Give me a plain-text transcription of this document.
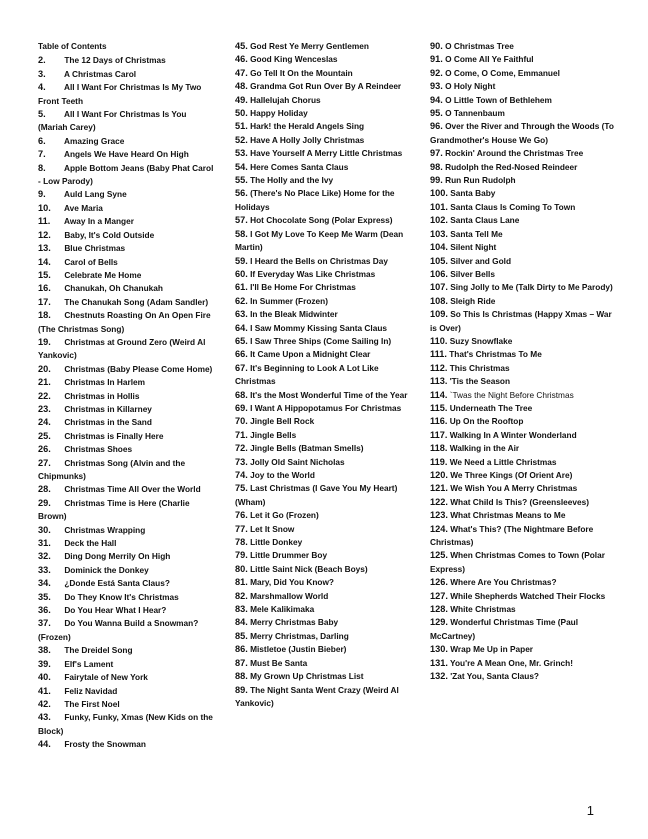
Table of Contents
2. The 12 Days of Christmas
3. A Christmas Carol
4. All I Want For Christmas Is My Two Front Teeth
5. All I Want For Christmas Is You (Mariah Carey)
6. Amazing Grace
7. Angels We Have Heard On High
8. Apple Bottom Jeans (Baby Phat Carol - Low Parody)
9. Auld Lang Syne
10. Ave Maria
11. Away In a Manger
12. Baby, It's Cold Outside
13. Blue Christmas
14. Carol of Bells
15. Celebrate Me Home
16. Chanukah, Oh Chanukah
17. The Chanukah Song (Adam Sandler)
18. Chestnuts Roasting On An Open Fire (The Christmas Song)
19. Christmas at Ground Zero (Weird Al Yankovic)
20. Christmas (Baby Please Come Home)
21. Christmas In Harlem
22. Christmas in Hollis
23. Christmas in Killarney
24. Christmas in the Sand
25. Christmas is Finally Here
26. Christmas Shoes
27. Christmas Song (Alvin and the Chipmunks)
28. Christmas Time All Over the World
29. Christmas Time is Here (Charlie Brown)
30. Christmas Wrapping
31. Deck the Hall
32. Ding Dong Merrily On High
33. Dominick the Donkey
34. ¿Donde Está Santa Claus?
35. Do They Know It's Christmas
36. Do You Hear What I Hear?
37. Do You Wanna Build a Snowman? (Frozen)
38. The Dreidel Song
39. Elf's Lament
40. Fairytale of New York
41. Feliz Navidad
42. The First Noel
43. Funky, Funky, Xmas (New Kids on the Block)
44. Frosty the Snowman
45. God Rest Ye Merry Gentlemen
46. Good King Wenceslas
47. Go Tell It On the Mountain
48. Grandma Got Run Over By A Reindeer
49. Hallelujah Chorus
50. Happy Holiday
51. Hark! the Herald Angels Sing
52. Have A Holly Jolly Christmas
53. Have Yourself A Merry Little Christmas
54. Here Comes Santa Claus
55. The Holly and the Ivy
56. (There's No Place Like) Home for the Holidays
57. Hot Chocolate Song (Polar Express)
58. I Got My Love To Keep Me Warm (Dean Martin)
59. I Heard the Bells on Christmas Day
60. If Everyday Was Like Christmas
61. I'll Be Home For Christmas
62. In Summer (Frozen)
63. In the Bleak Midwinter
64. I Saw Mommy Kissing Santa Claus
65. I Saw Three Ships (Come Sailing In)
66. It Came Upon a Midnight Clear
67. It's Beginning to Look A Lot Like Christmas
68. It's the Most Wonderful Time of the Year
69. I Want A Hippopotamus For Christmas
70. Jingle Bell Rock
71. Jingle Bells
72. Jingle Bells (Batman Smells)
73. Jolly Old Saint Nicholas
74. Joy to the World
75. Last Christmas (I Gave You My Heart) (Wham)
76. Let it Go (Frozen)
77. Let It Snow
78. Little Donkey
79. Little Drummer Boy
80. Little Saint Nick (Beach Boys)
81. Mary, Did You Know?
82. Marshmallow World
83. Mele Kalikimaka
84. Merry Christmas Baby
85. Merry Christmas, Darling
86. Mistletoe (Justin Bieber)
87. Must Be Santa
88. My Grown Up Christmas List
89. The Night Santa Went Crazy (Weird Al Yankovic)
90. O Christmas Tree
91. O Come All Ye Faithful
92. O Come, O Come, Emmanuel
93. O Holy Night
94. O Little Town of Bethlehem
95. O Tannenbaum
96. Over the River and Through the Woods (To Grandmother's House We Go)
97. Rockin' Around the Christmas Tree
98. Rudolph the Red-Nosed Reindeer
99. Run Run Rudolph
100. Santa Baby
101. Santa Claus Is Coming To Town
102. Santa Claus Lane
103. Santa Tell Me
104. Silent Night
105. Silver and Gold
106. Silver Bells
107. Sing Jolly to Me (Talk Dirty to Me Parody)
108. Sleigh Ride
109. So This Is Christmas (Happy Xmas – War is Over)
110. Suzy Snowflake
111. That's Christmas To Me
112. This Christmas
113. 'Tis the Season
114. `Twas the Night Before Christmas
115. Underneath The Tree
116. Up On the Rooftop
117. Walking In A Winter Wonderland
118. Walking in the Air
119. We Need a Little Christmas
120. We Three Kings (Of Orient Are)
121. We Wish You A Merry Christmas
122. What Child Is This? (Greensleeves)
123. What Christmas Means to Me
124. What's This? (The Nightmare Before Christmas)
125. When Christmas Comes to Town (Polar Express)
126. Where Are You Christmas?
127. While Shepherds Watched Their Flocks
128. White Christmas
129. Wonderful Christmas Time (Paul McCartney)
130. Wrap Me Up in Paper
131. You're A Mean One, Mr. Grinch!
132. 'Zat You, Santa Claus?
1
